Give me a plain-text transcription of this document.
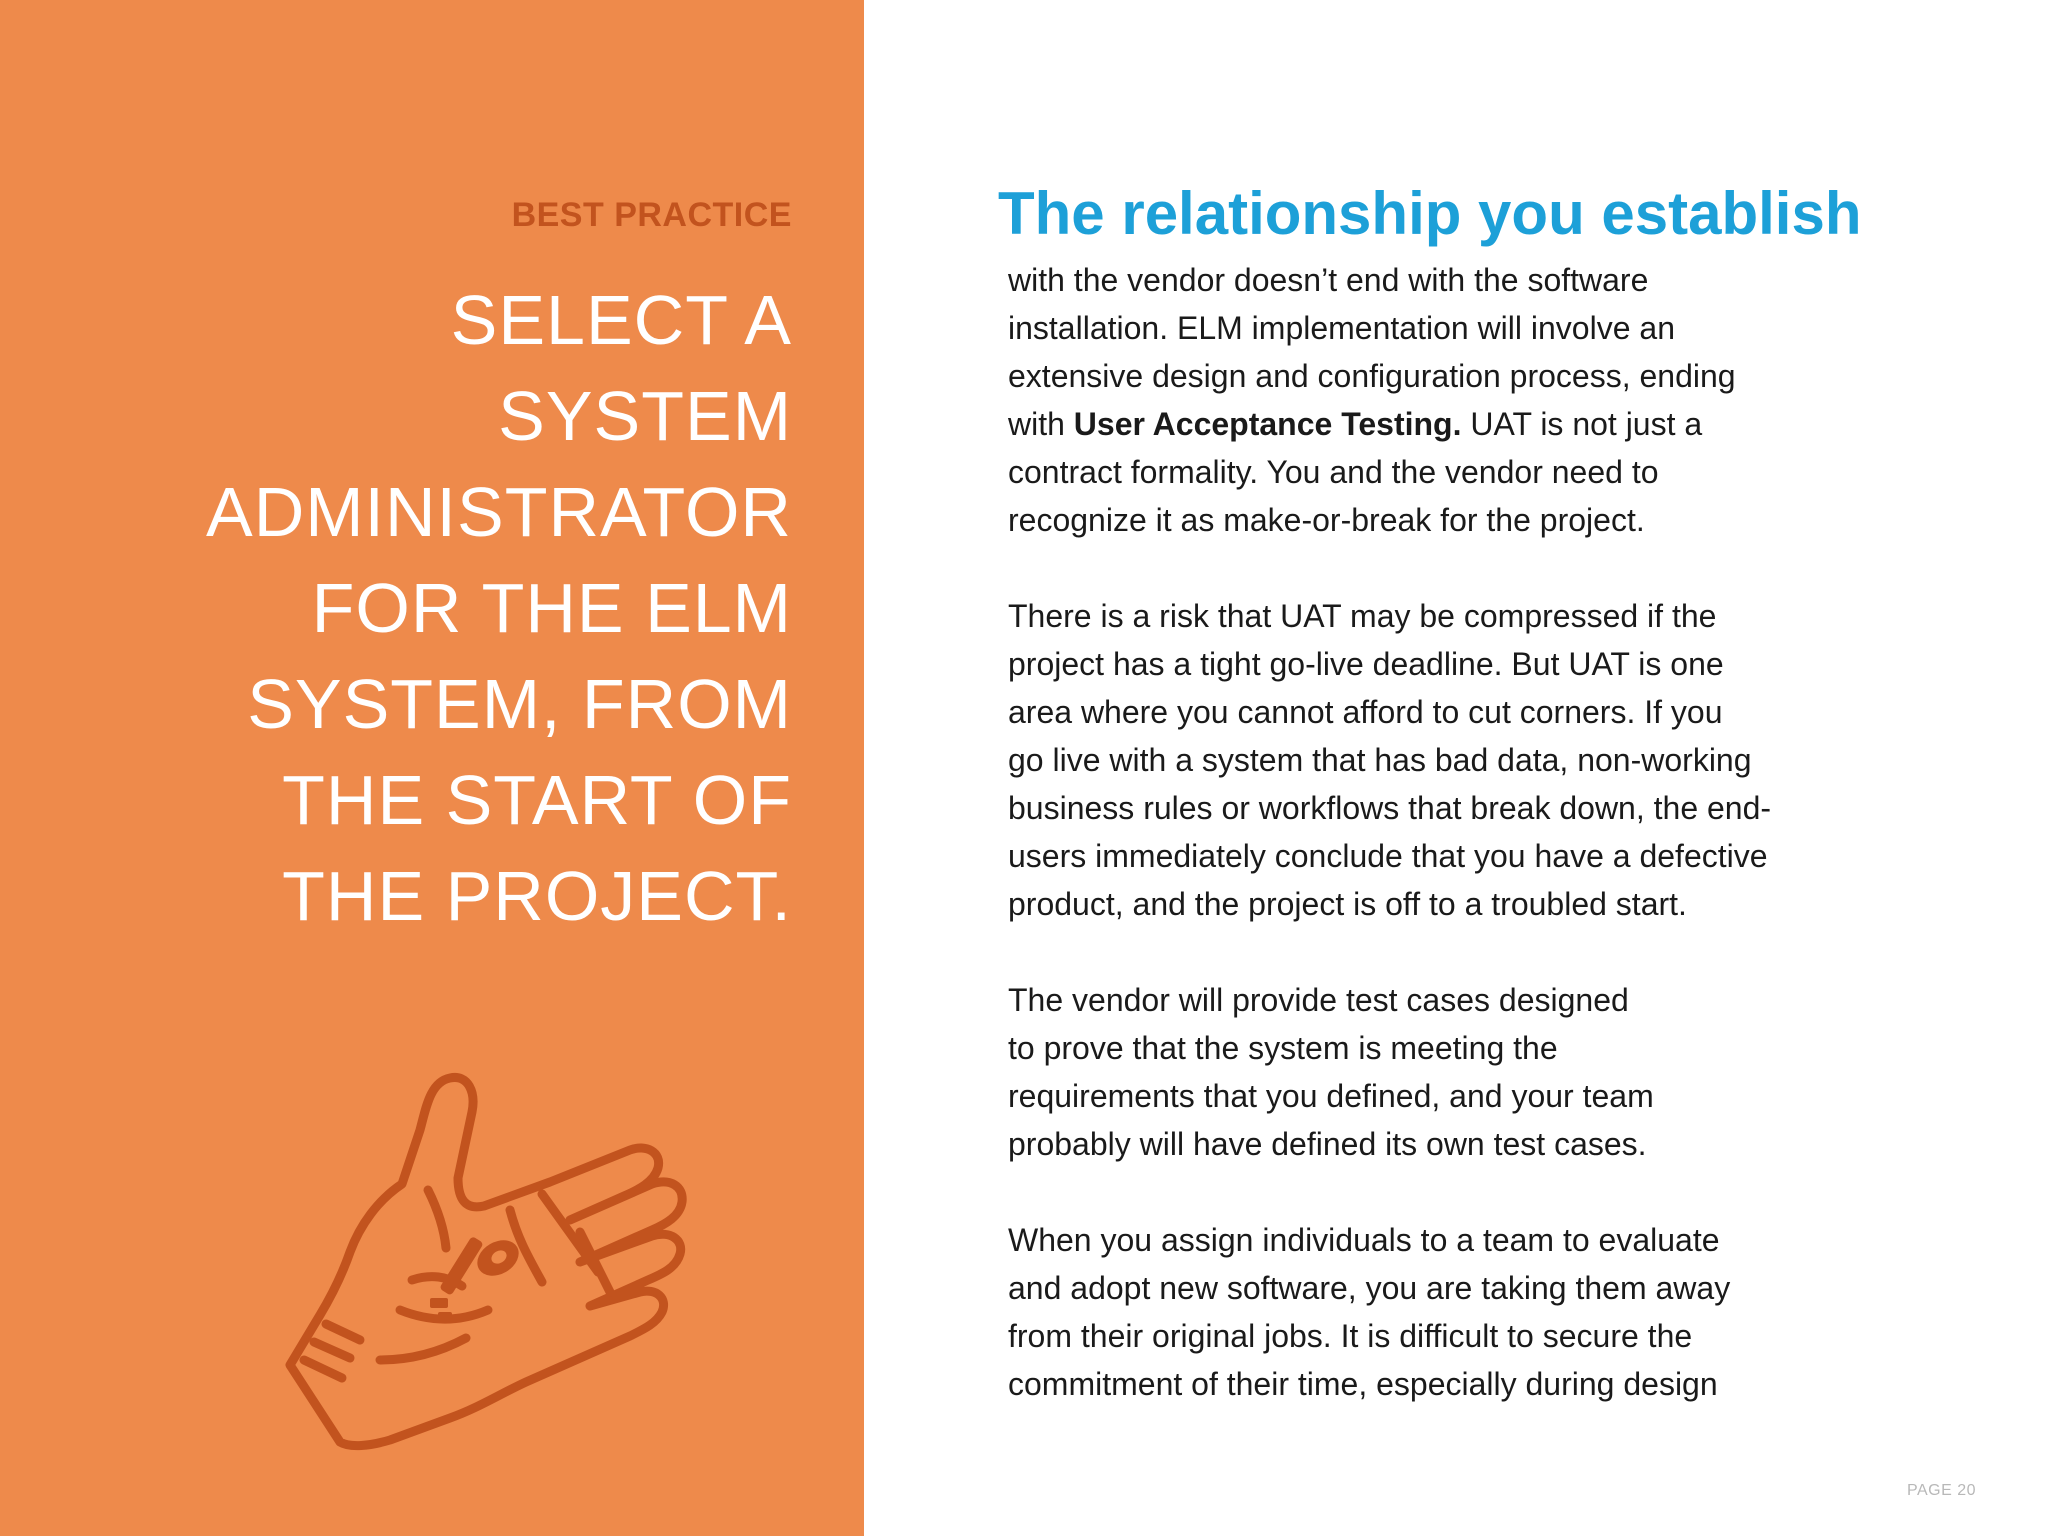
BEST PRACTICE
SELECT A
SYSTEM
ADMINISTRATOR
FOR THE ELM
SYSTEM, FROM
THE START OF
THE PROJECT.
The relationship you establish

with the vendor doesn’t end with the software
installation. ELM implementation will involve an
extensive design and configuration process, ending
with User Acceptance Testing. UAT is not just a
contract formality. You and the vendor need to
recognize it as make-or-break for the project.

There is a risk that UAT may be compressed if the
project has a tight go-live deadline. But UAT is one
area where you cannot afford to cut corners. If you
go live with a system that has bad data, non-working
business rules or workflows that break down, the end-
users immediately conclude that you have a defective
product, and the project is off to a troubled start.

The vendor will provide test cases designed
to prove that the system is meeting the
requirements that you defined, and your team
probably will have defined its own test cases.

When you assign individuals to a team to evaluate
and adopt new software, you are taking them away
from their original jobs. It is difficult to secure the
commitment of their time, especially during design

PAGE 20
